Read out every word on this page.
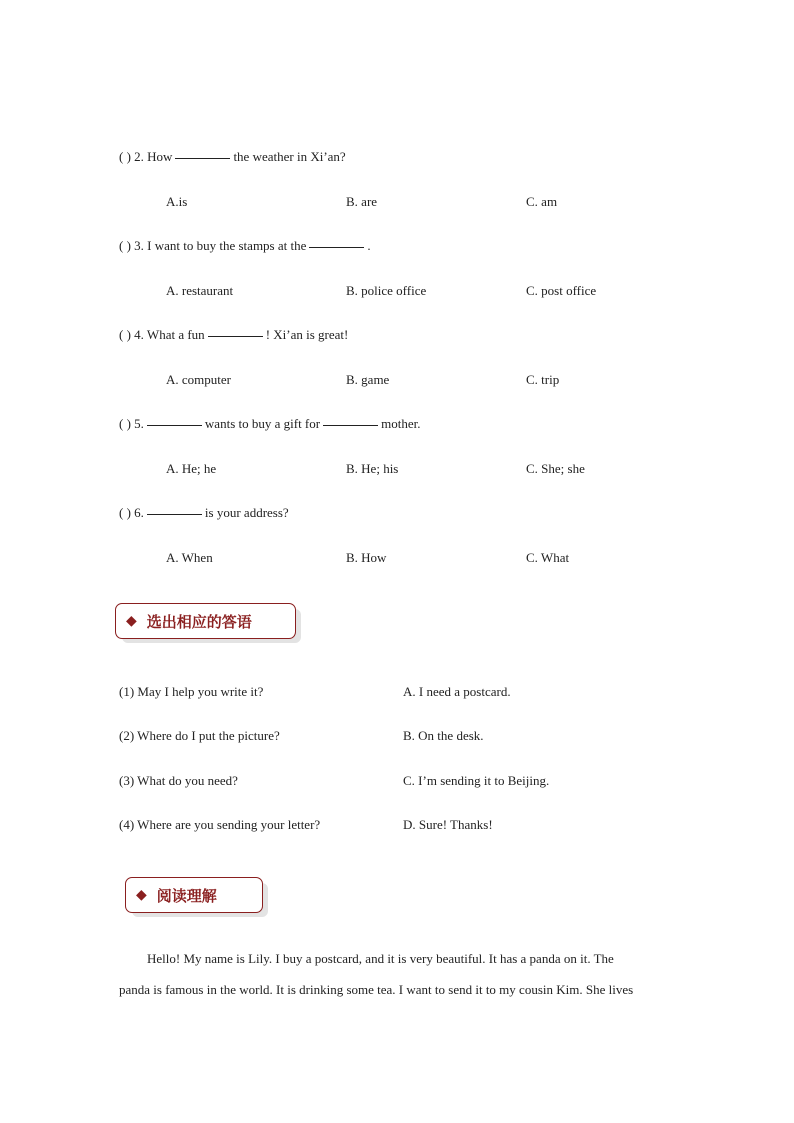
( ) 2. How	the weather in Xi’an?
A.is	B. are	C. am
( ) 3. I want to buy the stamps at the	.
A. restaurant	B. police office	C. post office
( ) 4. What a fun	! Xi’an is great!
A. computer	B. game	C. trip
( ) 5.	wants to buy a gift for	mother.
A. He; he	B. He; his	C. She; she
( ) 6.	is your address?
A. When	B. How	C. What
◆ 选出相应的答语
(1) May I help you write it?	A. I need a postcard.
(2) Where do I put the picture?	B. On the desk.
(3) What do you need?	C. I’m sending it to Beijing.
(4) Where are you sending your letter?	D. Sure! Thanks!
◆ 阅读理解
Hello! My name is Lily. I buy a postcard, and it is very beautiful. It has a panda on it. The
panda is famous in the world. It is drinking some tea. I want to send it to my cousin Kim. She lives
